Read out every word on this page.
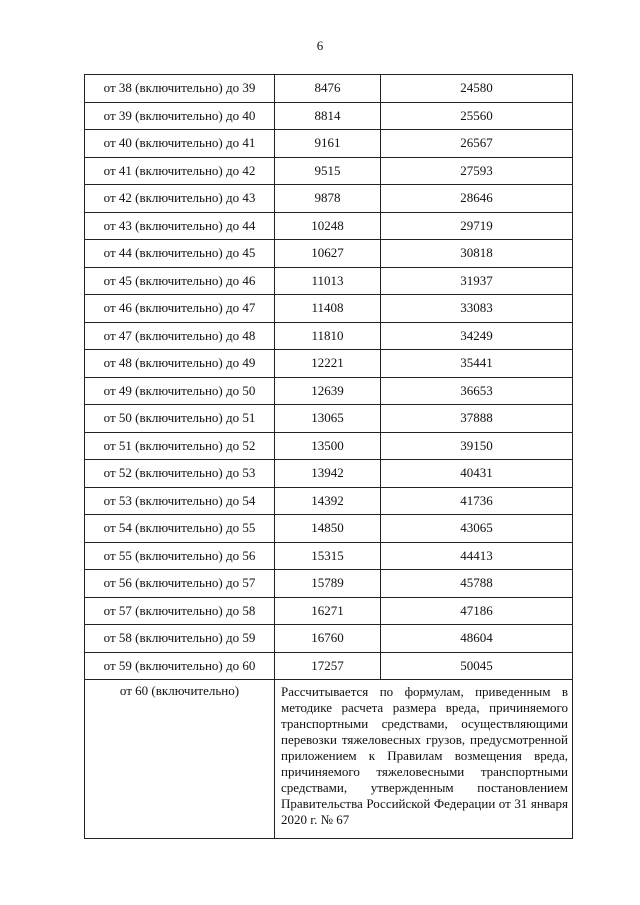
6
от 38 (включительно) до 39	8476	24580
от 39 (включительно) до 40	8814	25560
от 40 (включительно) до 41	9161	26567
от 41 (включительно) до 42	9515	27593
от 42 (включительно) до 43	9878	28646
от 43 (включительно) до 44	10248	29719
от 44 (включительно) до 45	10627	30818
от 45 (включительно) до 46	11013	31937
от 46 (включительно) до 47	11408	33083
от 47 (включительно) до 48	11810	34249
от 48 (включительно) до 49	12221	35441
от 49 (включительно) до 50	12639	36653
от 50 (включительно) до 51	13065	37888
от 51 (включительно) до 52	13500	39150
от 52 (включительно) до 53	13942	40431
от 53 (включительно) до 54	14392	41736
от 54 (включительно) до 55	14850	43065
от 55 (включительно) до 56	15315	44413
от 56 (включительно) до 57	15789	45788
от 57 (включительно) до 58	16271	47186
от 58 (включительно) до 59	16760	48604
от 59 (включительно) до 60	17257	50045
от 60 (включительно)	Рассчитывается по формулам, приведенным в методике расчета размера вреда, причиняемого транспортными средствами, осуществляющими перевозки тяжеловесных грузов, предусмотренной приложением к Правилам возмещения вреда, причиняемого тяжеловесными транспортными средствами, утвержденным постановлением Правительства Российской Федерации от 31 января 2020 г. № 67	
